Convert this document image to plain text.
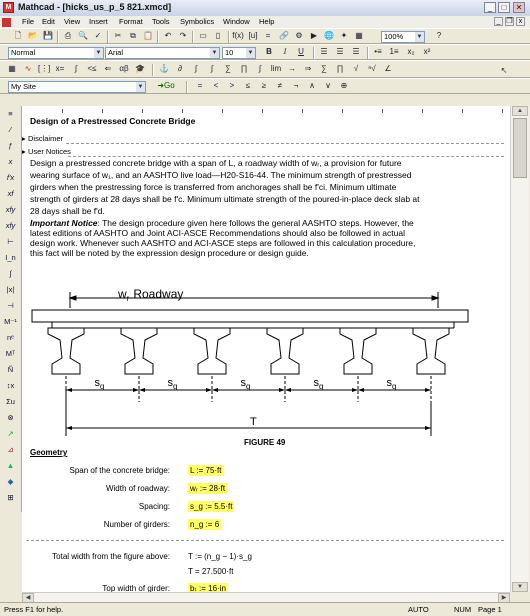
M Mathcad - [hicks_us_p_5 821.xmcd]	_	□	✕
File Edit View Insert Format Tools Symbolics Window Help	_ ❐ x
🗋 📂 💾	⎙ 🔍 ✓	✂	⧉ 📋	↶	↷	▭	▯	f(x) [u]	=	🔗 ⚙	▶ 🌐 ✦ ▦	100% ▼	?
Normal	▼ Arial	▼	10 ▼	B	I	U	☰	☰	☰	•≡ 1≡	x₂	x²
▦	∿ [⋮] x=	∫	<≤	⇐	αβ 🎓 ⚓	∂	∫	∫	∑	∏	∫	lim →	⇒	∑	∏	√	ⁿ√	∠	↖
My Site	▼	➜Go	=	<	>	≤	≥	≠	¬	∧	∨	⊕
≡
⁄
ƒ
x
f'x
xf
xfy
xfy
⊢
I_n
∫
|x|
⊣
M⁻¹
nᵉ
Mᵀ
Ñ
↕x
Σu
⊗
↗
⊿
▲
◆
⊞
Design of a Prestressed Concrete Bridge
▸ Disclaimer
▸ User Notices
Design a prestressed concrete bridge with a span of L, a roadway width of wᵣ, a provision for future
wearing surface of w₁, and an AASHTO live load—H20-S16-44. The minimum strength of prestressed
girders when the prestressing force is transferred from anchorages shall be f'ci. Minimum ultimate
strength of girders at 28 days shall be f'c. Minimum ultimate strength of the poured-in-place deck slab at
28 days shall be f'd.
Important Notice: The design procedure given here follows the general AASHTO steps. However, the
latest editions of AASHTO and Joint ACI-ASCE Recommendations should also be followed in actual
design work. Whenever such AASHTO and ACI-ASCE steps are followed in this calculation procedure,
this fact will be noted by the expression design procedure or design guide.
$w_r$ Roadway
$s_g$	$s_g$	$s_g$	$s_g$	$s_g$
T
FIGURE 49
Geometry
Span of the concrete bridge:	L := 75·ft
Width of roadway:	wᵣ := 28·ft
Spacing:	s_g := 5.5·ft
Number of girders:	n_g := 6
Total width from the figure above: T := (n_g − 1)·s_g
T = 27.500·ft
Top width of girder:	bₜ := 16·in
▲
▼
◀	▶
Press F1 for help.	AUTO	NUM Page 1
